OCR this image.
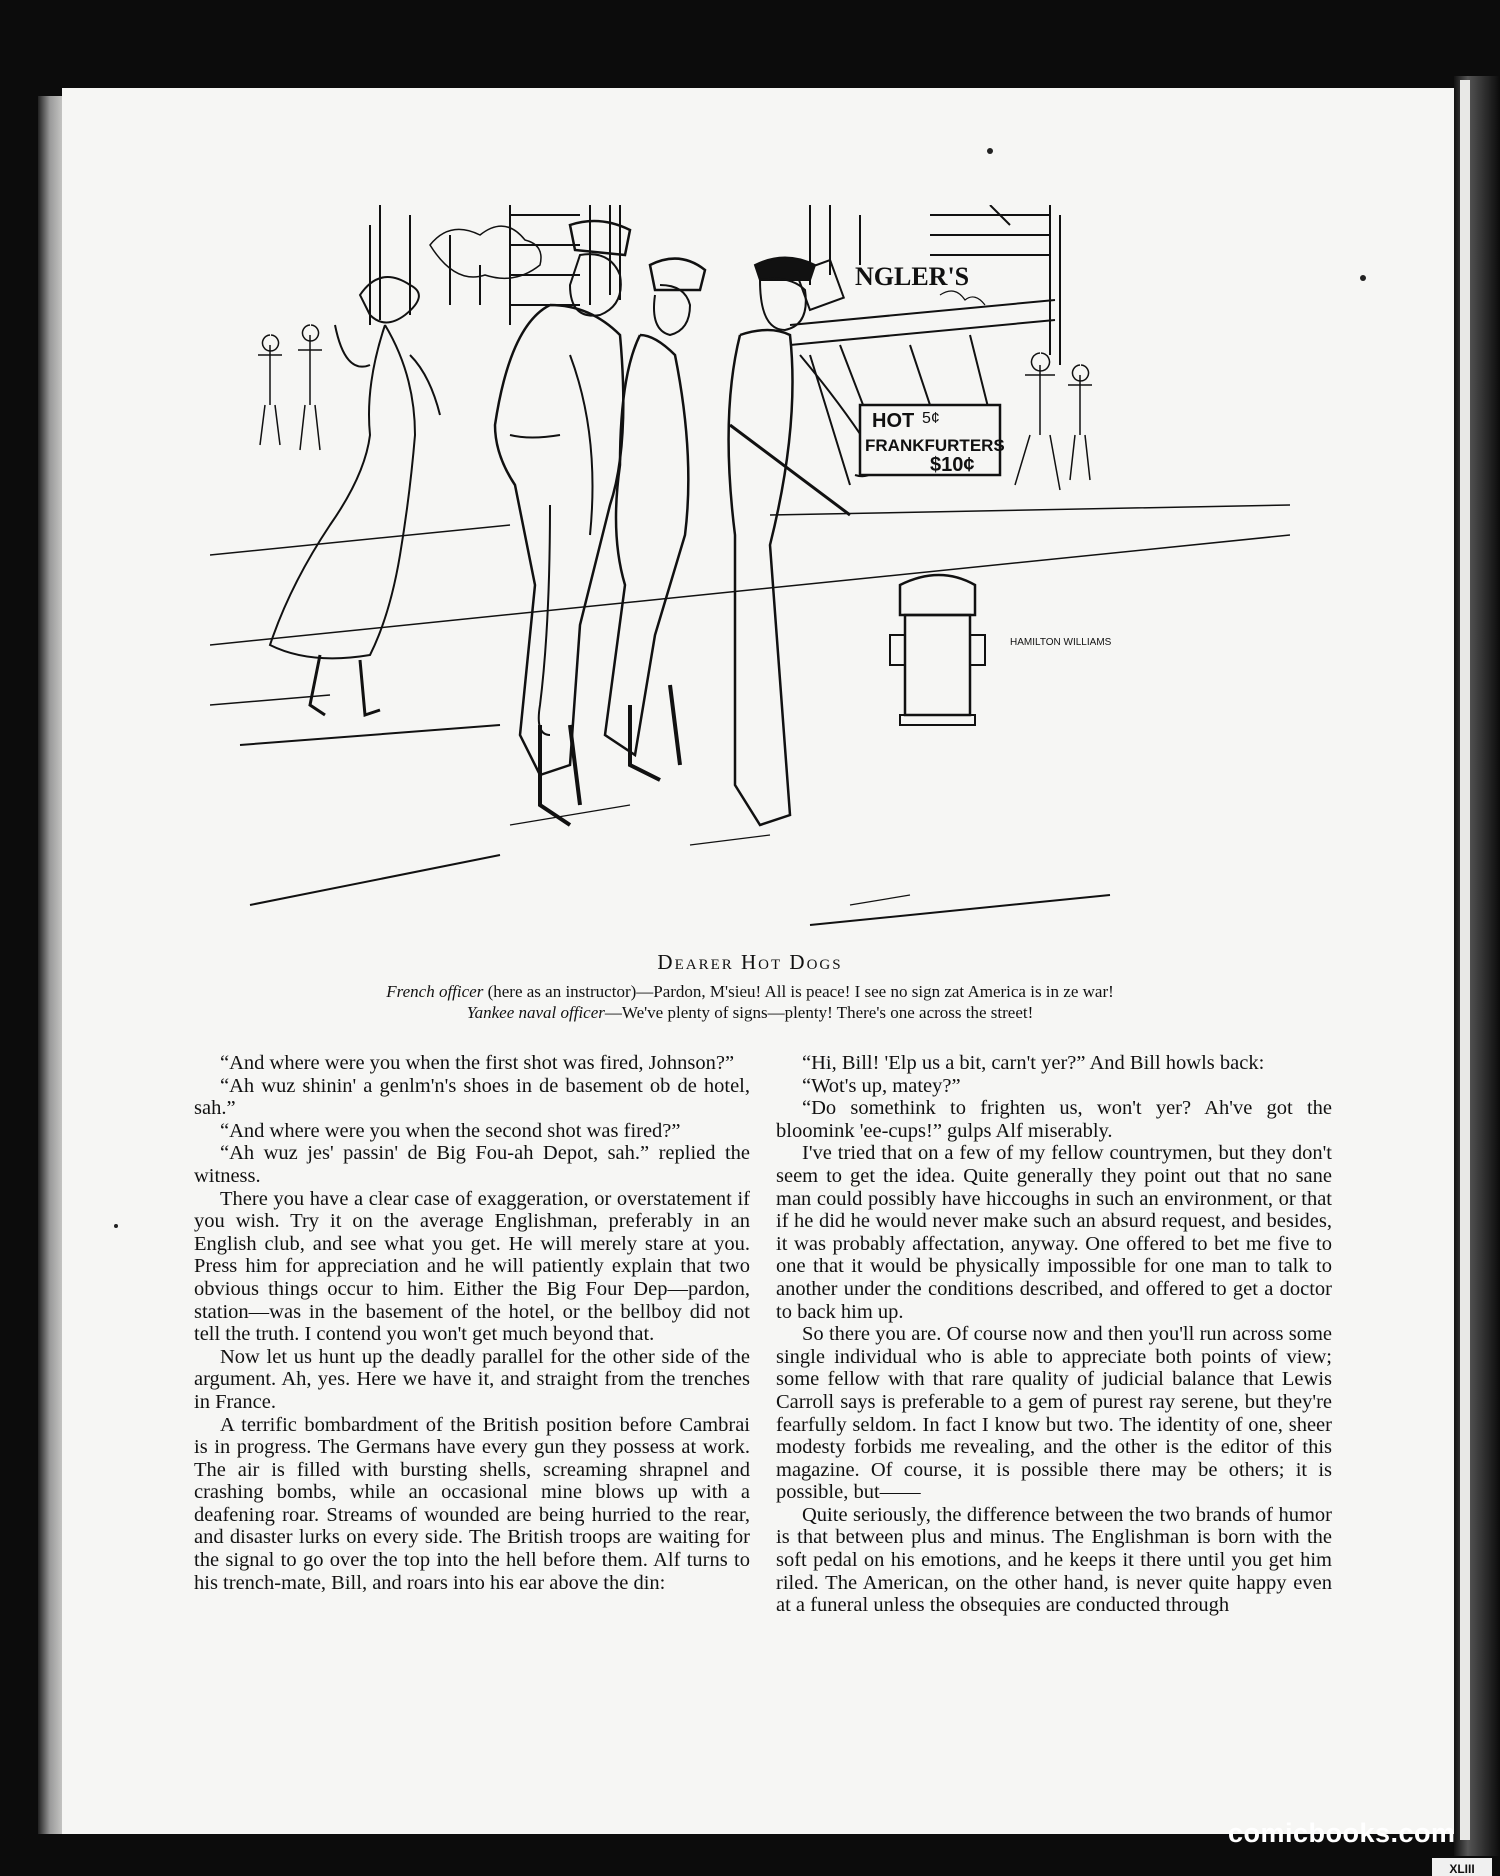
NGLER'S
HOT 5¢
FRANKFURTERS
$10¢
HAMILTON WILLIAMS
Dearer Hot Dogs
French officer (here as an instructor)—Pardon, M'sieu! All is peace! I see no sign zat America is in ze war!
Yankee naval officer—We've plenty of signs—plenty! There's one across the street!

“And where were you when the first shot was fired, Johnson?”

“Ah wuz shinin' a genlm'n's shoes in de basement ob de hotel, sah.”

“And where were you when the second shot was fired?”

“Ah wuz jes' passin' de Big Fou-ah Depot, sah.” replied the witness.

There you have a clear case of exaggeration, or overstatement if you wish. Try it on the average Englishman, preferably in an English club, and see what you get. He will merely stare at you. Press him for appreciation and he will patiently explain that two obvious things occur to him. Either the Big Four Dep—pardon, station—was in the basement of the hotel, or the bellboy did not tell the truth. I contend you won't get much beyond that.

Now let us hunt up the deadly parallel for the other side of the argument. Ah, yes. Here we have it, and straight from the trenches in France.

A terrific bombardment of the British position before Cambrai is in progress. The Germans have every gun they possess at work. The air is filled with bursting shells, screaming shrapnel and crashing bombs, while an occasional mine blows up with a deafening roar. Streams of wounded are being hurried to the rear, and disaster lurks on every side. The British troops are waiting for the signal to go over the top into the hell before them. Alf turns to his trench-mate, Bill, and roars into his ear above the din:

“Hi, Bill! 'Elp us a bit, carn't yer?” And Bill howls back:

“Wot's up, matey?”

“Do somethink to frighten us, won't yer? Ah've got the bloomink 'ee-cups!” gulps Alf miserably.

I've tried that on a few of my fellow countrymen, but they don't seem to get the idea. Quite generally they point out that no sane man could possibly have hiccoughs in such an environment, or that if he did he would never make such an absurd request, and besides, it was probably affectation, anyway. One offered to bet me five to one that it would be physically impossible for one man to talk to another under the conditions described, and offered to get a doctor to back him up.

So there you are. Of course now and then you'll run across some single individual who is able to appreciate both points of view; some fellow with that rare quality of judicial balance that Lewis Carroll says is preferable to a gem of purest ray serene, but they're fearfully seldom. In fact I know but two. The identity of one, sheer modesty forbids me revealing, and the other is the editor of this magazine. Of course, it is possible there may be others; it is possible, but——

Quite seriously, the difference between the two brands of humor is that between plus and minus. The Englishman is born with the soft pedal on his emotions, and he keeps it there until you get him riled. The American, on the other hand, is never quite happy even at a funeral unless the obsequies are conducted through

comicbooks.com
XLIII
